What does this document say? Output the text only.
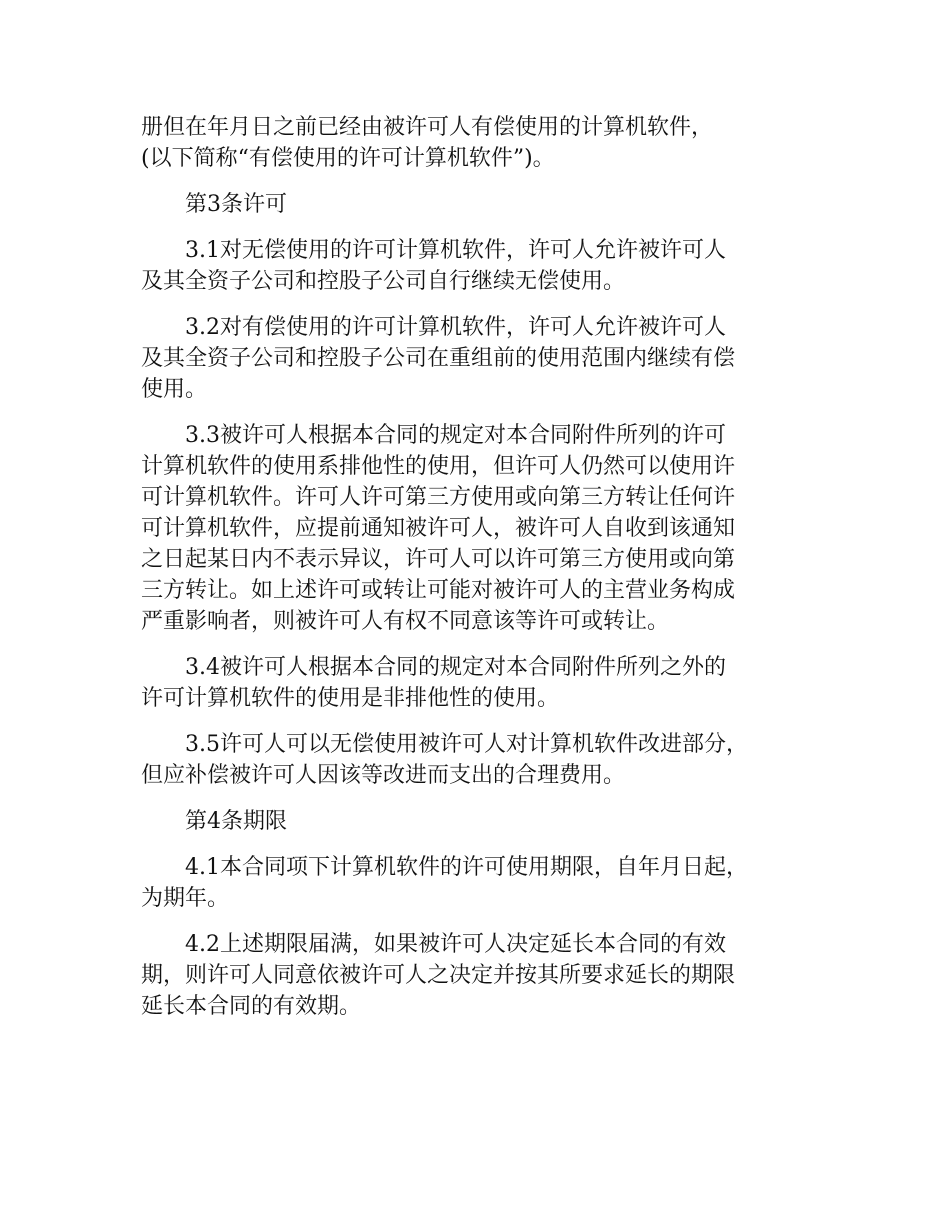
册但在年月日之前已经由被许可人有偿使用的计算机软件，
(以下简称“有偿使用的许可计算机软件”)。

第3条许可

3.1对无偿使用的许可计算机软件，许可人允许被许可人
及其全资子公司和控股子公司自行继续无偿使用。

3.2对有偿使用的许可计算机软件，许可人允许被许可人
及其全资子公司和控股子公司在重组前的使用范围内继续有偿
使用。

3.3被许可人根据本合同的规定对本合同附件所列的许可
计算机软件的使用系排他性的使用，但许可人仍然可以使用许
可计算机软件。许可人许可第三方使用或向第三方转让任何许
可计算机软件，应提前通知被许可人，被许可人自收到该通知
之日起某日内不表示异议，许可人可以许可第三方使用或向第
三方转让。如上述许可或转让可能对被许可人的主营业务构成
严重影响者，则被许可人有权不同意该等许可或转让。

3.4被许可人根据本合同的规定对本合同附件所列之外的
许可计算机软件的使用是非排他性的使用。

3.5许可人可以无偿使用被许可人对计算机软件改进部分，
但应补偿被许可人因该等改进而支出的合理费用。

第4条期限

4.1本合同项下计算机软件的许可使用期限，自年月日起，
为期年。

4.2上述期限届满，如果被许可人决定延长本合同的有效
期，则许可人同意依被许可人之决定并按其所要求延长的期限
延长本合同的有效期。
